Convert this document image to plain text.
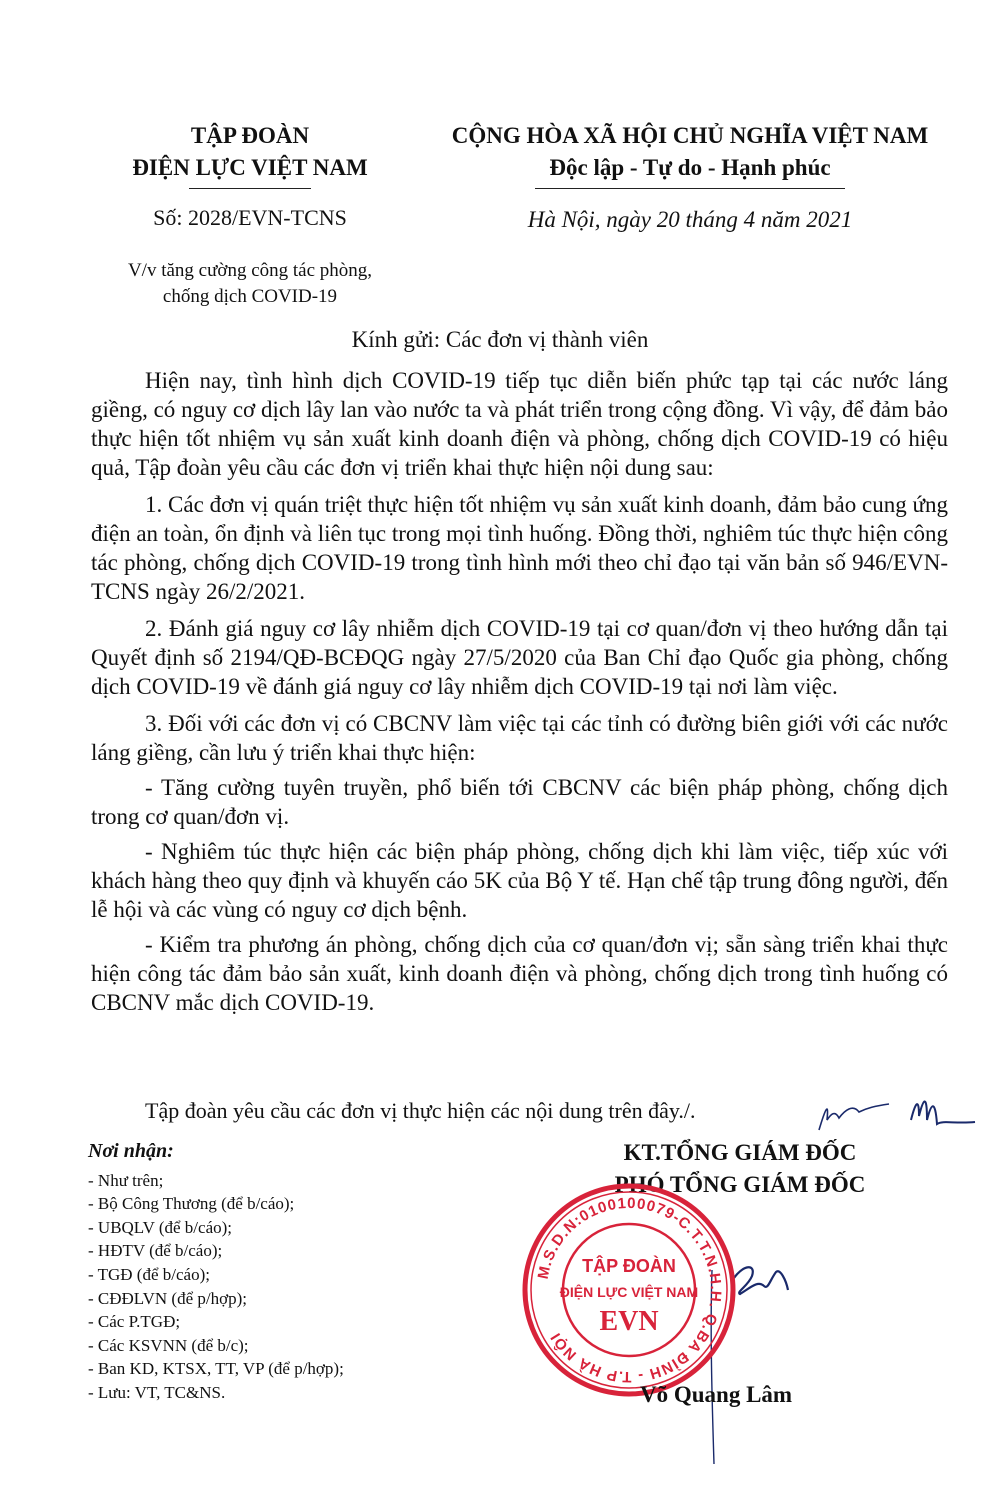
TẬP ĐOÀN
ĐIỆN LỰC VIỆT NAM
CỘNG HÒA XÃ HỘI CHỦ NGHĨA VIỆT NAM
Độc lập - Tự do - Hạnh phúc
Số: 2028/EVN-TCNS	Hà Nội, ngày 20 tháng 4 năm 2021
V/v tăng cường công tác phòng,
chống dịch COVID-19
Kính gửi: Các đơn vị thành viên

Hiện nay, tình hình dịch COVID-19 tiếp tục diễn biến phức tạp tại các nước láng giềng, có nguy cơ dịch lây lan vào nước ta và phát triển trong cộng đồng. Vì vậy, để đảm bảo thực hiện tốt nhiệm vụ sản xuất kinh doanh điện và phòng, chống dịch COVID-19 có hiệu quả, Tập đoàn yêu cầu các đơn vị triển khai thực hiện nội dung sau:

1. Các đơn vị quán triệt thực hiện tốt nhiệm vụ sản xuất kinh doanh, đảm bảo cung ứng điện an toàn, ổn định và liên tục trong mọi tình huống. Đồng thời, nghiêm túc thực hiện công tác phòng, chống dịch COVID-19 trong tình hình mới theo chỉ đạo tại văn bản số 946/EVN-TCNS ngày 26/2/2021.

2. Đánh giá nguy cơ lây nhiễm dịch COVID-19 tại cơ quan/đơn vị theo hướng dẫn tại Quyết định số 2194/QĐ-BCĐQG ngày 27/5/2020 của Ban Chỉ đạo Quốc gia phòng, chống dịch COVID-19 về đánh giá nguy cơ lây nhiễm dịch COVID-19 tại nơi làm việc.

3. Đối với các đơn vị có CBCNV làm việc tại các tỉnh có đường biên giới với các nước láng giềng, cần lưu ý triển khai thực hiện:

- Tăng cường tuyên truyền, phổ biến tới CBCNV các biện pháp phòng, chống dịch trong cơ quan/đơn vị.

- Nghiêm túc thực hiện các biện pháp phòng, chống dịch khi làm việc, tiếp xúc với khách hàng theo quy định và khuyến cáo 5K của Bộ Y tế. Hạn chế tập trung đông người, đến lễ hội và các vùng có nguy cơ dịch bệnh.

- Kiểm tra phương án phòng, chống dịch của cơ quan/đơn vị; sẵn sàng triển khai thực hiện công tác đảm bảo sản xuất, kinh doanh điện và phòng, chống dịch trong tình huống có CBCNV mắc dịch COVID-19.

Tập đoàn yêu cầu các đơn vị thực hiện các nội dung trên đây./.
Nơi nhận:
- Như trên;
- Bộ Công Thương (để b/cáo);
- UBQLV (để b/cáo);
- HĐTV (để b/cáo);
- TGĐ (để b/cáo);
- CĐĐLVN (để p/hợp);
- Các P.TGĐ;
- Các KSVNN (để b/c);
- Ban KD, KTSX, TT, VP (để p/hợp);
- Lưu: VT, TC&NS.
KT.TỔNG GIÁM ĐỐC
PHÓ TỔNG GIÁM ĐỐC
M.S.D.N:0100100079-C.T.T.N.H.H. Q.BA ĐÌNH - T.P HÀ NỘI
TẬP ĐOÀN
ĐIỆN LỰC VIỆT NAM
EVN
Võ Quang Lâm
